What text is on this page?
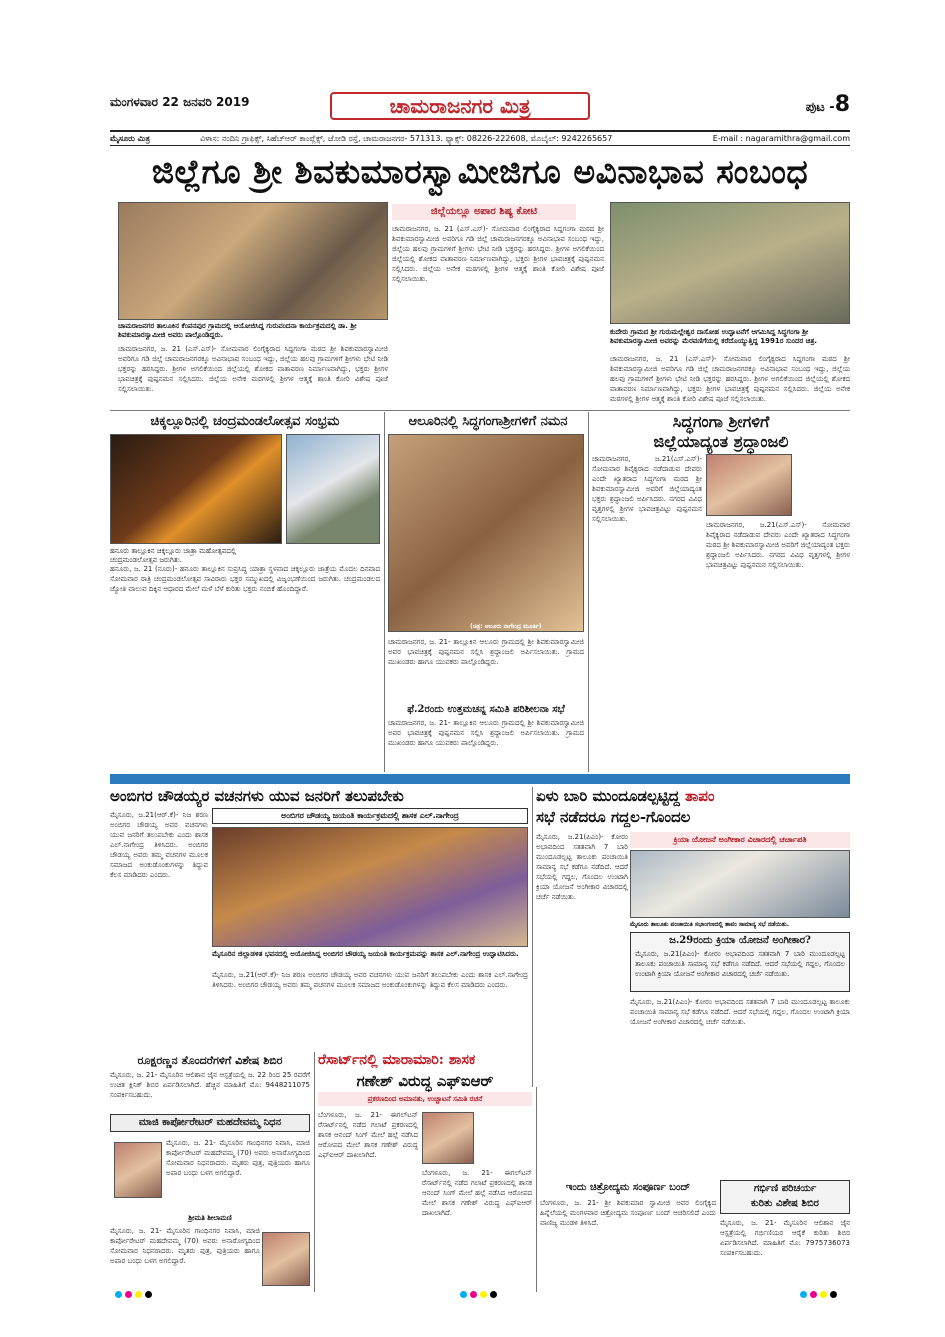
ಮಂಗಳವಾರ 22 ಜನವರಿ 2019	ಚಾಮರಾಜನಗರ ಮಿತ್ರ	ಪುಟ -8
ಮೈಸೂರು ಮಿತ್ರ	ವಿಳಾಸ: ನಂದಿನಿ ಗ್ರಾಫಿಕ್ಸ್, ಸಿಹೆಚ್‌ಆರ್ ಕಾಂಪ್ಲೆಕ್ಸ್, ಜೋಡಿ ರಸ್ತೆ, ಚಾಮರಾಜನಗರ- 571313. ಫ್ಯಾಕ್ಸ್: 08226-222608, ಮೊಬೈಲ್: 9242265657	E-mail : nagaramithra@gmail.com
ಜಿಲ್ಲೆಗೂ ಶ್ರೀ ಶಿವಕುಮಾರಸ್ವಾಮೀಜಿಗೂ ಅವಿನಾಭಾವ ಸಂಬಂಧ
ಚಾಮರಾಜನಗರ ತಾಲೂಕಿನ ಕೆಂಪನಪುರ ಗ್ರಾಮದಲ್ಲಿ ಆಯೋಜಿಸಿದ್ದ ಗುರುವಂದನಾ ಕಾರ್ಯಕ್ರಮದಲ್ಲಿ ಡಾ. ಶ್ರೀ ಶಿವಕುಮಾರಸ್ವಾಮೀಜಿ ಅವರು ಪಾಲ್ಗೊಂಡಿದ್ದರು.
ಜಿಲ್ಲೆಯಲ್ಲೂ ಅಪಾರ ಶಿಷ್ಯ ಕೋಟಿ
ಕುದೇರು ಗ್ರಾಮದ ಶ್ರೀ ಗುರುಮಲ್ಲೇಶ್ವರ ದಾಸೋಹ ಉದ್ಘಾಟನೆಗೆ ಆಗಮಿಸಿದ್ದ ಸಿದ್ಧಗಂಗಾ ಶ್ರೀ ಶಿವಕುಮಾರಸ್ವಾಮೀಜಿ ಅವರನ್ನು ಮೆರವಣಿಗೆಯಲ್ಲಿ ಕರೆದೊಯ್ಯುತ್ತಿದ್ದ 1991ರ ಸುಂದರ ಚಿತ್ರ.
ಚಾಮರಾಜನಗರ, ಜ. 21 (ಎಸ್.ಎಸ್)- ಸೋಮವಾರ ಲಿಂಗೈಕ್ಯರಾದ ಸಿದ್ದಗಂಗಾ ಮಠದ ಶ್ರೀ ಶಿವಕುಮಾರಸ್ವಾಮೀಜಿ ಅವರಿಗೂ ಗಡಿ ಜಿಲ್ಲೆ ಚಾಮರಾಜನಗರಕ್ಕೂ ಅವಿನಾಭಾವ ಸಂಬಂಧ ಇದ್ದು, ಜಿಲ್ಲೆಯ ಹಲವು ಗ್ರಾಮಗಳಿಗೆ ಶ್ರೀಗಳು ಭೇಟಿ ನೀಡಿ ಭಕ್ತರನ್ನು ಹರಸಿದ್ದರು. ಶ್ರೀಗಳ ಅಗಲಿಕೆಯಿಂದ ಜಿಲ್ಲೆಯಲ್ಲಿ ಶೋಕದ ವಾತಾವರಣ ನಿರ್ಮಾಣವಾಗಿದ್ದು, ಭಕ್ತರು ಶ್ರೀಗಳ ಭಾವಚಿತ್ರಕ್ಕೆ ಪುಷ್ಪನಮನ ಸಲ್ಲಿಸಿದರು. ಜಿಲ್ಲೆಯ ಅನೇಕ ಮಠಗಳಲ್ಲಿ ಶ್ರೀಗಳ ಆತ್ಮಕ್ಕೆ ಶಾಂತಿ ಕೋರಿ ವಿಶೇಷ ಪೂಜೆ ಸಲ್ಲಿಸಲಾಯಿತು.
ಚಾಮರಾಜನಗರ, ಜ. 21 (ಎಸ್.ಎಸ್)- ಸೋಮವಾರ ಲಿಂಗೈಕ್ಯರಾದ ಸಿದ್ದಗಂಗಾ ಮಠದ ಶ್ರೀ ಶಿವಕುಮಾರಸ್ವಾಮೀಜಿ ಅವರಿಗೂ ಗಡಿ ಜಿಲ್ಲೆ ಚಾಮರಾಜನಗರಕ್ಕೂ ಅವಿನಾಭಾವ ಸಂಬಂಧ ಇದ್ದು, ಜಿಲ್ಲೆಯ ಹಲವು ಗ್ರಾಮಗಳಿಗೆ ಶ್ರೀಗಳು ಭೇಟಿ ನೀಡಿ ಭಕ್ತರನ್ನು ಹರಸಿದ್ದರು. ಶ್ರೀಗಳ ಅಗಲಿಕೆಯಿಂದ ಜಿಲ್ಲೆಯಲ್ಲಿ ಶೋಕದ ವಾತಾವರಣ ನಿರ್ಮಾಣವಾಗಿದ್ದು, ಭಕ್ತರು ಶ್ರೀಗಳ ಭಾವಚಿತ್ರಕ್ಕೆ ಪುಷ್ಪನಮನ ಸಲ್ಲಿಸಿದರು. ಜಿಲ್ಲೆಯ ಅನೇಕ ಮಠಗಳಲ್ಲಿ ಶ್ರೀಗಳ ಆತ್ಮಕ್ಕೆ ಶಾಂತಿ ಕೋರಿ ವಿಶೇಷ ಪೂಜೆ ಸಲ್ಲಿಸಲಾಯಿತು.
ಚಾಮರಾಜನಗರ, ಜ. 21 (ಎಸ್.ಎಸ್)- ಸೋಮವಾರ ಲಿಂಗೈಕ್ಯರಾದ ಸಿದ್ದಗಂಗಾ ಮಠದ ಶ್ರೀ ಶಿವಕುಮಾರಸ್ವಾಮೀಜಿ ಅವರಿಗೂ ಗಡಿ ಜಿಲ್ಲೆ ಚಾಮರಾಜನಗರಕ್ಕೂ ಅವಿನಾಭಾವ ಸಂಬಂಧ ಇದ್ದು, ಜಿಲ್ಲೆಯ ಹಲವು ಗ್ರಾಮಗಳಿಗೆ ಶ್ರೀಗಳು ಭೇಟಿ ನೀಡಿ ಭಕ್ತರನ್ನು ಹರಸಿದ್ದರು. ಶ್ರೀಗಳ ಅಗಲಿಕೆಯಿಂದ ಜಿಲ್ಲೆಯಲ್ಲಿ ಶೋಕದ ವಾತಾವರಣ ನಿರ್ಮಾಣವಾಗಿದ್ದು, ಭಕ್ತರು ಶ್ರೀಗಳ ಭಾವಚಿತ್ರಕ್ಕೆ ಪುಷ್ಪನಮನ ಸಲ್ಲಿಸಿದರು. ಜಿಲ್ಲೆಯ ಅನೇಕ ಮಠಗಳಲ್ಲಿ ಶ್ರೀಗಳ ಆತ್ಮಕ್ಕೆ ಶಾಂತಿ ಕೋರಿ ವಿಶೇಷ ಪೂಜೆ ಸಲ್ಲಿಸಲಾಯಿತು.
ಚಿಕ್ಕಲ್ಲೂರಿನಲ್ಲಿ ಚಂದ್ರಮಂಡಲೋತ್ಸವ ಸಂಭ್ರಮ
ಹನೂರು ತಾಲ್ಲೂಕಿನ ಚಿಕ್ಕಲ್ಲೂರು ಜಾತ್ರಾ ಮಹೋತ್ಸವದಲ್ಲಿ ಚಂದ್ರಮಂಡಲೋತ್ಸವ ಜರುಗಿತು.
ಹನೂರು, ಜ. 21 (ನೂರು)- ಹನೂರು ತಾಲ್ಲೂಕಿನ ಸುಪ್ರಸಿದ್ಧ ಯಾತ್ರಾ ಸ್ಥಳವಾದ ಚಿಕ್ಕಲ್ಲೂರು ಜಾತ್ರೆಯ ಮೊದಲ ದಿನವಾದ ಸೋಮವಾರ ರಾತ್ರಿ ಚಂದ್ರಮಂಡಲೋತ್ಸವ ಸಾವಿರಾರು ಭಕ್ತರ ಸಮ್ಮುಖದಲ್ಲಿ ವಿಜೃಂಭಣೆಯಿಂದ ಜರುಗಿತು. ಚಂದ್ರಮಂಡಲದ ಜ್ಯೋತಿ ವಾಲುವ ದಿಕ್ಕಿನ ಆಧಾರದ ಮೇಲೆ ಮಳೆ ಬೆಳೆ ಕುರಿತು ಭಕ್ತರು ನಂಬಿಕೆ ಹೊಂದಿದ್ದಾರೆ.
ಆಲೂರಿನಲ್ಲಿ ಸಿದ್ಧಗಂಗಾಶ್ರೀಗಳಿಗೆ ನಮನ
(ಚಿತ್ರ: ಆಲೂರು ನಾಗೇಂದ್ರ ಮೂರ್ತಿ)
ಚಾಮರಾಜನಗರ, ಜ. 21- ತಾಲ್ಲೂಕಿನ ಆಲೂರು ಗ್ರಾಮದಲ್ಲಿ ಶ್ರೀ ಶಿವಕುಮಾರಸ್ವಾಮೀಜಿ ಅವರ ಭಾವಚಿತ್ರಕ್ಕೆ ಪುಷ್ಪನಮನ ಸಲ್ಲಿಸಿ ಶ್ರದ್ಧಾಂಜಲಿ ಅರ್ಪಿಸಲಾಯಿತು. ಗ್ರಾಮದ ಮುಖಂಡರು ಹಾಗೂ ಯುವಕರು ಪಾಲ್ಗೊಂಡಿದ್ದರು.
ಫೆ.2ರಂದು ಉತ್ತಮಚನ್ನ ಸಮಿತಿ ಪರಿಶೀಲನಾ ಸಭೆ
ಚಾಮರಾಜನಗರ, ಜ. 21- ತಾಲ್ಲೂಕಿನ ಆಲೂರು ಗ್ರಾಮದಲ್ಲಿ ಶ್ರೀ ಶಿವಕುಮಾರಸ್ವಾಮೀಜಿ ಅವರ ಭಾವಚಿತ್ರಕ್ಕೆ ಪುಷ್ಪನಮನ ಸಲ್ಲಿಸಿ ಶ್ರದ್ಧಾಂಜಲಿ ಅರ್ಪಿಸಲಾಯಿತು. ಗ್ರಾಮದ ಮುಖಂಡರು ಹಾಗೂ ಯುವಕರು ಪಾಲ್ಗೊಂಡಿದ್ದರು.
ಸಿದ್ಧಗಂಗಾ ಶ್ರೀಗಳಿಗೆ
ಜಿಲ್ಲೆಯಾದ್ಯಂತ ಶ್ರದ್ಧಾಂಜಲಿ
ಚಾಮರಾಜನಗರ, ಜ.21(ಎಸ್.ಎಸ್)- ಸೋಮವಾರ ಶಿವೈಕ್ಯರಾದ ನಡೆದಾಡುವ ದೇವರು ಎಂದೇ ಖ್ಯಾತರಾದ ಸಿದ್ಧಗಂಗಾ ಮಠದ ಶ್ರೀ ಶಿವಕುಮಾರಸ್ವಾಮೀಜಿ ಅವರಿಗೆ ಜಿಲ್ಲೆಯಾದ್ಯಂತ ಭಕ್ತರು ಶ್ರದ್ಧಾಂಜಲಿ ಅರ್ಪಿಸಿದರು. ನಗರದ ವಿವಿಧ ವೃತ್ತಗಳಲ್ಲಿ ಶ್ರೀಗಳ ಭಾವಚಿತ್ರವಿಟ್ಟು ಪುಷ್ಪನಮನ ಸಲ್ಲಿಸಲಾಯಿತು.
ಚಾಮರಾಜನಗರ, ಜ.21(ಎಸ್.ಎಸ್)- ಸೋಮವಾರ ಶಿವೈಕ್ಯರಾದ ನಡೆದಾಡುವ ದೇವರು ಎಂದೇ ಖ್ಯಾತರಾದ ಸಿದ್ಧಗಂಗಾ ಮಠದ ಶ್ರೀ ಶಿವಕುಮಾರಸ್ವಾಮೀಜಿ ಅವರಿಗೆ ಜಿಲ್ಲೆಯಾದ್ಯಂತ ಭಕ್ತರು ಶ್ರದ್ಧಾಂಜಲಿ ಅರ್ಪಿಸಿದರು. ನಗರದ ವಿವಿಧ ವೃತ್ತಗಳಲ್ಲಿ ಶ್ರೀಗಳ ಭಾವಚಿತ್ರವಿಟ್ಟು ಪುಷ್ಪನಮನ ಸಲ್ಲಿಸಲಾಯಿತು.
ಅಂಬಿಗರ ಚೌಡಯ್ಯರ ವಚನಗಳು ಯುವ ಜನರಿಗೆ ತಲುಪಬೇಕು
ಮೈಸೂರು, ಜ.21(ಆರ್.ಕೆ)- ನಿಜ ಶರಣ ಅಂಬಿಗರ ಚೌಡಯ್ಯ ಅವರ ವಚನಗಳು ಯುವ ಜನರಿಗೆ ತಲುಪಬೇಕು ಎಂದು ಶಾಸಕ ಎಲ್.ನಾಗೇಂದ್ರ ತಿಳಿಸಿದರು. ಅಂಬಿಗರ ಚೌಡಯ್ಯ ಅವರು ತಮ್ಮ ವಚನಗಳ ಮೂಲಕ ಸಮಾಜದ ಅಂಕುಡೊಂಕುಗಳನ್ನು ತಿದ್ದುವ ಕೆಲಸ ಮಾಡಿದರು ಎಂದರು.
ಅಂಬಿಗರ ಚೌಡಯ್ಯ ಜಯಂತಿ ಕಾರ್ಯಕ್ರಮದಲ್ಲಿ ಶಾಸಕ ಎಲ್.ನಾಗೇಂದ್ರ
ಮೈಸೂರಿನ ಜಿಲ್ಲಾಡಳಿತ ಭವನದಲ್ಲಿ ಆಯೋಜಿಸಿದ್ದ ಅಂಬಿಗರ ಚೌಡಯ್ಯ ಜಯಂತಿ ಕಾರ್ಯಕ್ರಮವನ್ನು ಶಾಸಕ ಎಲ್.ನಾಗೇಂದ್ರ ಉದ್ಘಾಟಿಸಿದರು.
ಮೈಸೂರು, ಜ.21(ಆರ್.ಕೆ)- ನಿಜ ಶರಣ ಅಂಬಿಗರ ಚೌಡಯ್ಯ ಅವರ ವಚನಗಳು ಯುವ ಜನರಿಗೆ ತಲುಪಬೇಕು ಎಂದು ಶಾಸಕ ಎಲ್.ನಾಗೇಂದ್ರ ತಿಳಿಸಿದರು. ಅಂಬಿಗರ ಚೌಡಯ್ಯ ಅವರು ತಮ್ಮ ವಚನಗಳ ಮೂಲಕ ಸಮಾಜದ ಅಂಕುಡೊಂಕುಗಳನ್ನು ತಿದ್ದುವ ಕೆಲಸ ಮಾಡಿದರು ಎಂದರು.
ಏಳು ಬಾರಿ ಮುಂದೂಡಲ್ಪಟ್ಟಿದ್ದ ತಾಪಂ
ಸಭೆ ನಡೆದರೂ ಗದ್ದಲ-ಗೊಂದಲ
ಮೈಸೂರು, ಜ.21(ಪಿಎಂ)- ಕೋರಂ ಅಭಾವದಿಂದ ಸತತವಾಗಿ 7 ಬಾರಿ ಮುಂದೂಡಲ್ಪಟ್ಟ ತಾಲೂಕು ಪಂಚಾಯಿತಿ ಸಾಮಾನ್ಯ ಸಭೆ ಕಡೆಗೂ ನಡೆದಿದೆ. ಆದರೆ ಸಭೆಯಲ್ಲಿ ಗದ್ದಲ, ಗೊಂದಲ ಉಂಟಾಗಿ ಕ್ರಿಯಾ ಯೋಜನೆ ಅಂಗೀಕಾರ ವಿಚಾರದಲ್ಲಿ ಚರ್ಚೆ ನಡೆಯಿತು.
ಕ್ರಿಯಾ ಯೋಜನೆ ಅಂಗೀಕಾರ ವಿಚಾರದಲ್ಲಿ ಚರ್ಚಾಪತಿ
ಮೈಸೂರು ತಾಲೂಕು ಪಂಚಾಯಿತಿ ಸಭಾಂಗಣದಲ್ಲಿ ತಾಪಂ ಸಾಮಾನ್ಯ ಸಭೆ ನಡೆಯಿತು.
ಜ.29ರಂದು ಕ್ರಿಯಾ ಯೋಜನೆ ಅಂಗೀಕಾರ?
ಮೈಸೂರು, ಜ.21(ಪಿಎಂ)- ಕೋರಂ ಅಭಾವದಿಂದ ಸತತವಾಗಿ 7 ಬಾರಿ ಮುಂದೂಡಲ್ಪಟ್ಟ ತಾಲೂಕು ಪಂಚಾಯಿತಿ ಸಾಮಾನ್ಯ ಸಭೆ ಕಡೆಗೂ ನಡೆದಿದೆ. ಆದರೆ ಸಭೆಯಲ್ಲಿ ಗದ್ದಲ, ಗೊಂದಲ ಉಂಟಾಗಿ ಕ್ರಿಯಾ ಯೋಜನೆ ಅಂಗೀಕಾರ ವಿಚಾರದಲ್ಲಿ ಚರ್ಚೆ ನಡೆಯಿತು.
ಮೈಸೂರು, ಜ.21(ಪಿಎಂ)- ಕೋರಂ ಅಭಾವದಿಂದ ಸತತವಾಗಿ 7 ಬಾರಿ ಮುಂದೂಡಲ್ಪಟ್ಟ ತಾಲೂಕು ಪಂಚಾಯಿತಿ ಸಾಮಾನ್ಯ ಸಭೆ ಕಡೆಗೂ ನಡೆದಿದೆ. ಆದರೆ ಸಭೆಯಲ್ಲಿ ಗದ್ದಲ, ಗೊಂದಲ ಉಂಟಾಗಿ ಕ್ರಿಯಾ ಯೋಜನೆ ಅಂಗೀಕಾರ ವಿಚಾರದಲ್ಲಿ ಚರ್ಚೆ ನಡೆಯಿತು.
ರೂಕ್ಷರಣ್ಣನ ತೊಂದರೆಗಳಿಗೆ ವಿಶೇಷ ಶಿಬಿರ
ಮೈಸೂರು, ಜ. 21- ಮೈಸೂರಿನ ಆಲಿಶಾನ ಜೈನ ಆಸ್ಪತ್ರೆಯಲ್ಲಿ ಜ. 22 ರಿಂದ 25 ರವರೆಗೆ ಉಚಿತ ಕ್ಲಿನಿಕ್ ಶಿಬಿರ ಏರ್ಪಡಿಸಲಾಗಿದೆ. ಹೆಚ್ಚಿನ ಮಾಹಿತಿಗೆ ಮೊ: 9448211075 ಸಂಪರ್ಕಿಸಬಹುದು.
ಮಾಜಿ ಕಾರ್ಪೋರೇಟರ್ ಮಹದೇವಮ್ಮ ನಿಧನ
ಮೈಸೂರು, ಜ. 21- ಮೈಸೂರಿನ ಗಾಂಧಿನಗರ ನಿವಾಸಿ, ಮಾಜಿ ಕಾರ್ಪೋರೇಟರ್ ಮಹದೇವಮ್ಮ (70) ಅವರು ಅನಾರೋಗ್ಯದಿಂದ ಸೋಮವಾರ ನಿಧನರಾದರು. ಮೃತರು ಪುತ್ರ, ಪುತ್ರಿಯರು ಹಾಗೂ ಅಪಾರ ಬಂಧು ಬಳಗ ಅಗಲಿದ್ದಾರೆ.
ಶ್ರೀಮತಿ ಶೀಲಾಮಣಿ
ಮೈಸೂರು, ಜ. 21- ಮೈಸೂರಿನ ಗಾಂಧಿನಗರ ನಿವಾಸಿ, ಮಾಜಿ ಕಾರ್ಪೋರೇಟರ್ ಮಹದೇವಮ್ಮ (70) ಅವರು ಅನಾರೋಗ್ಯದಿಂದ ಸೋಮವಾರ ನಿಧನರಾದರು. ಮೃತರು ಪುತ್ರ, ಪುತ್ರಿಯರು ಹಾಗೂ ಅಪಾರ ಬಂಧು ಬಳಗ ಅಗಲಿದ್ದಾರೆ.
ರೆಸಾರ್ಟ್‌ನಲ್ಲಿ ಮಾರಾಮಾರಿ: ಶಾಸಕ
ಗಣೇಶ್ ವಿರುದ್ಧ ಎಫ್‌ಐಆರ್
ಪ್ರಕರಣದಿಂದ ಅಮಾನತು, ಉಚ್ಚಾಟನೆ ಸಮಿತಿ ರಚನೆ
ಬೆಂಗಳೂರು, ಜ. 21- ಈಗಲ್‌ಟನ್ ರೆಸಾರ್ಟ್‌ನಲ್ಲಿ ನಡೆದ ಗಲಾಟೆ ಪ್ರಕರಣದಲ್ಲಿ ಶಾಸಕ ಆನಂದ್ ಸಿಂಗ್ ಮೇಲೆ ಹಲ್ಲೆ ನಡೆಸಿದ ಆರೋಪದ ಮೇಲೆ ಶಾಸಕ ಗಣೇಶ್ ವಿರುದ್ಧ ಎಫ್‌ಐಆರ್ ದಾಖಲಾಗಿದೆ.
ಬೆಂಗಳೂರು, ಜ. 21- ಈಗಲ್‌ಟನ್ ರೆಸಾರ್ಟ್‌ನಲ್ಲಿ ನಡೆದ ಗಲಾಟೆ ಪ್ರಕರಣದಲ್ಲಿ ಶಾಸಕ ಆನಂದ್ ಸಿಂಗ್ ಮೇಲೆ ಹಲ್ಲೆ ನಡೆಸಿದ ಆರೋಪದ ಮೇಲೆ ಶಾಸಕ ಗಣೇಶ್ ವಿರುದ್ಧ ಎಫ್‌ಐಆರ್ ದಾಖಲಾಗಿದೆ.
ಇಂದು ಚಿತ್ರೋದ್ಯಮ ಸಂಪೂರ್ಣ ಬಂದ್
ಬೆಂಗಳೂರು, ಜ. 21- ಶ್ರೀ ಶಿವಕುಮಾರ ಸ್ವಾಮೀಜಿ ಅವರ ಲಿಂಗೈಕ್ಯದ ಹಿನ್ನೆಲೆಯಲ್ಲಿ ಮಂಗಳವಾರ ಚಿತ್ರೋದ್ಯಮ ಸಂಪೂರ್ಣ ಬಂದ್ ಆಚರಿಸಲಿದೆ ಎಂದು ವಾಣಿಜ್ಯ ಮಂಡಳಿ ತಿಳಿಸಿದೆ.
ಗರ್ಭಿಣಿ ಪರಿಚರ್ಯ
ಕುರಿತು ವಿಶೇಷ ಶಿಬಿರ
ಮೈಸೂರು, ಜ. 21- ಮೈಸೂರಿನ ಆಲಿಶಾನ ಜೈನ ಆಸ್ಪತ್ರೆಯಲ್ಲಿ ಗರ್ಭಿಣಿಯರ ಆರೈಕೆ ಕುರಿತು ಶಿಬಿರ ಏರ್ಪಡಿಸಲಾಗಿದೆ. ಮಾಹಿತಿಗೆ ಮೊ: 7975736073 ಸಂಪರ್ಕಿಸಬಹುದು.
